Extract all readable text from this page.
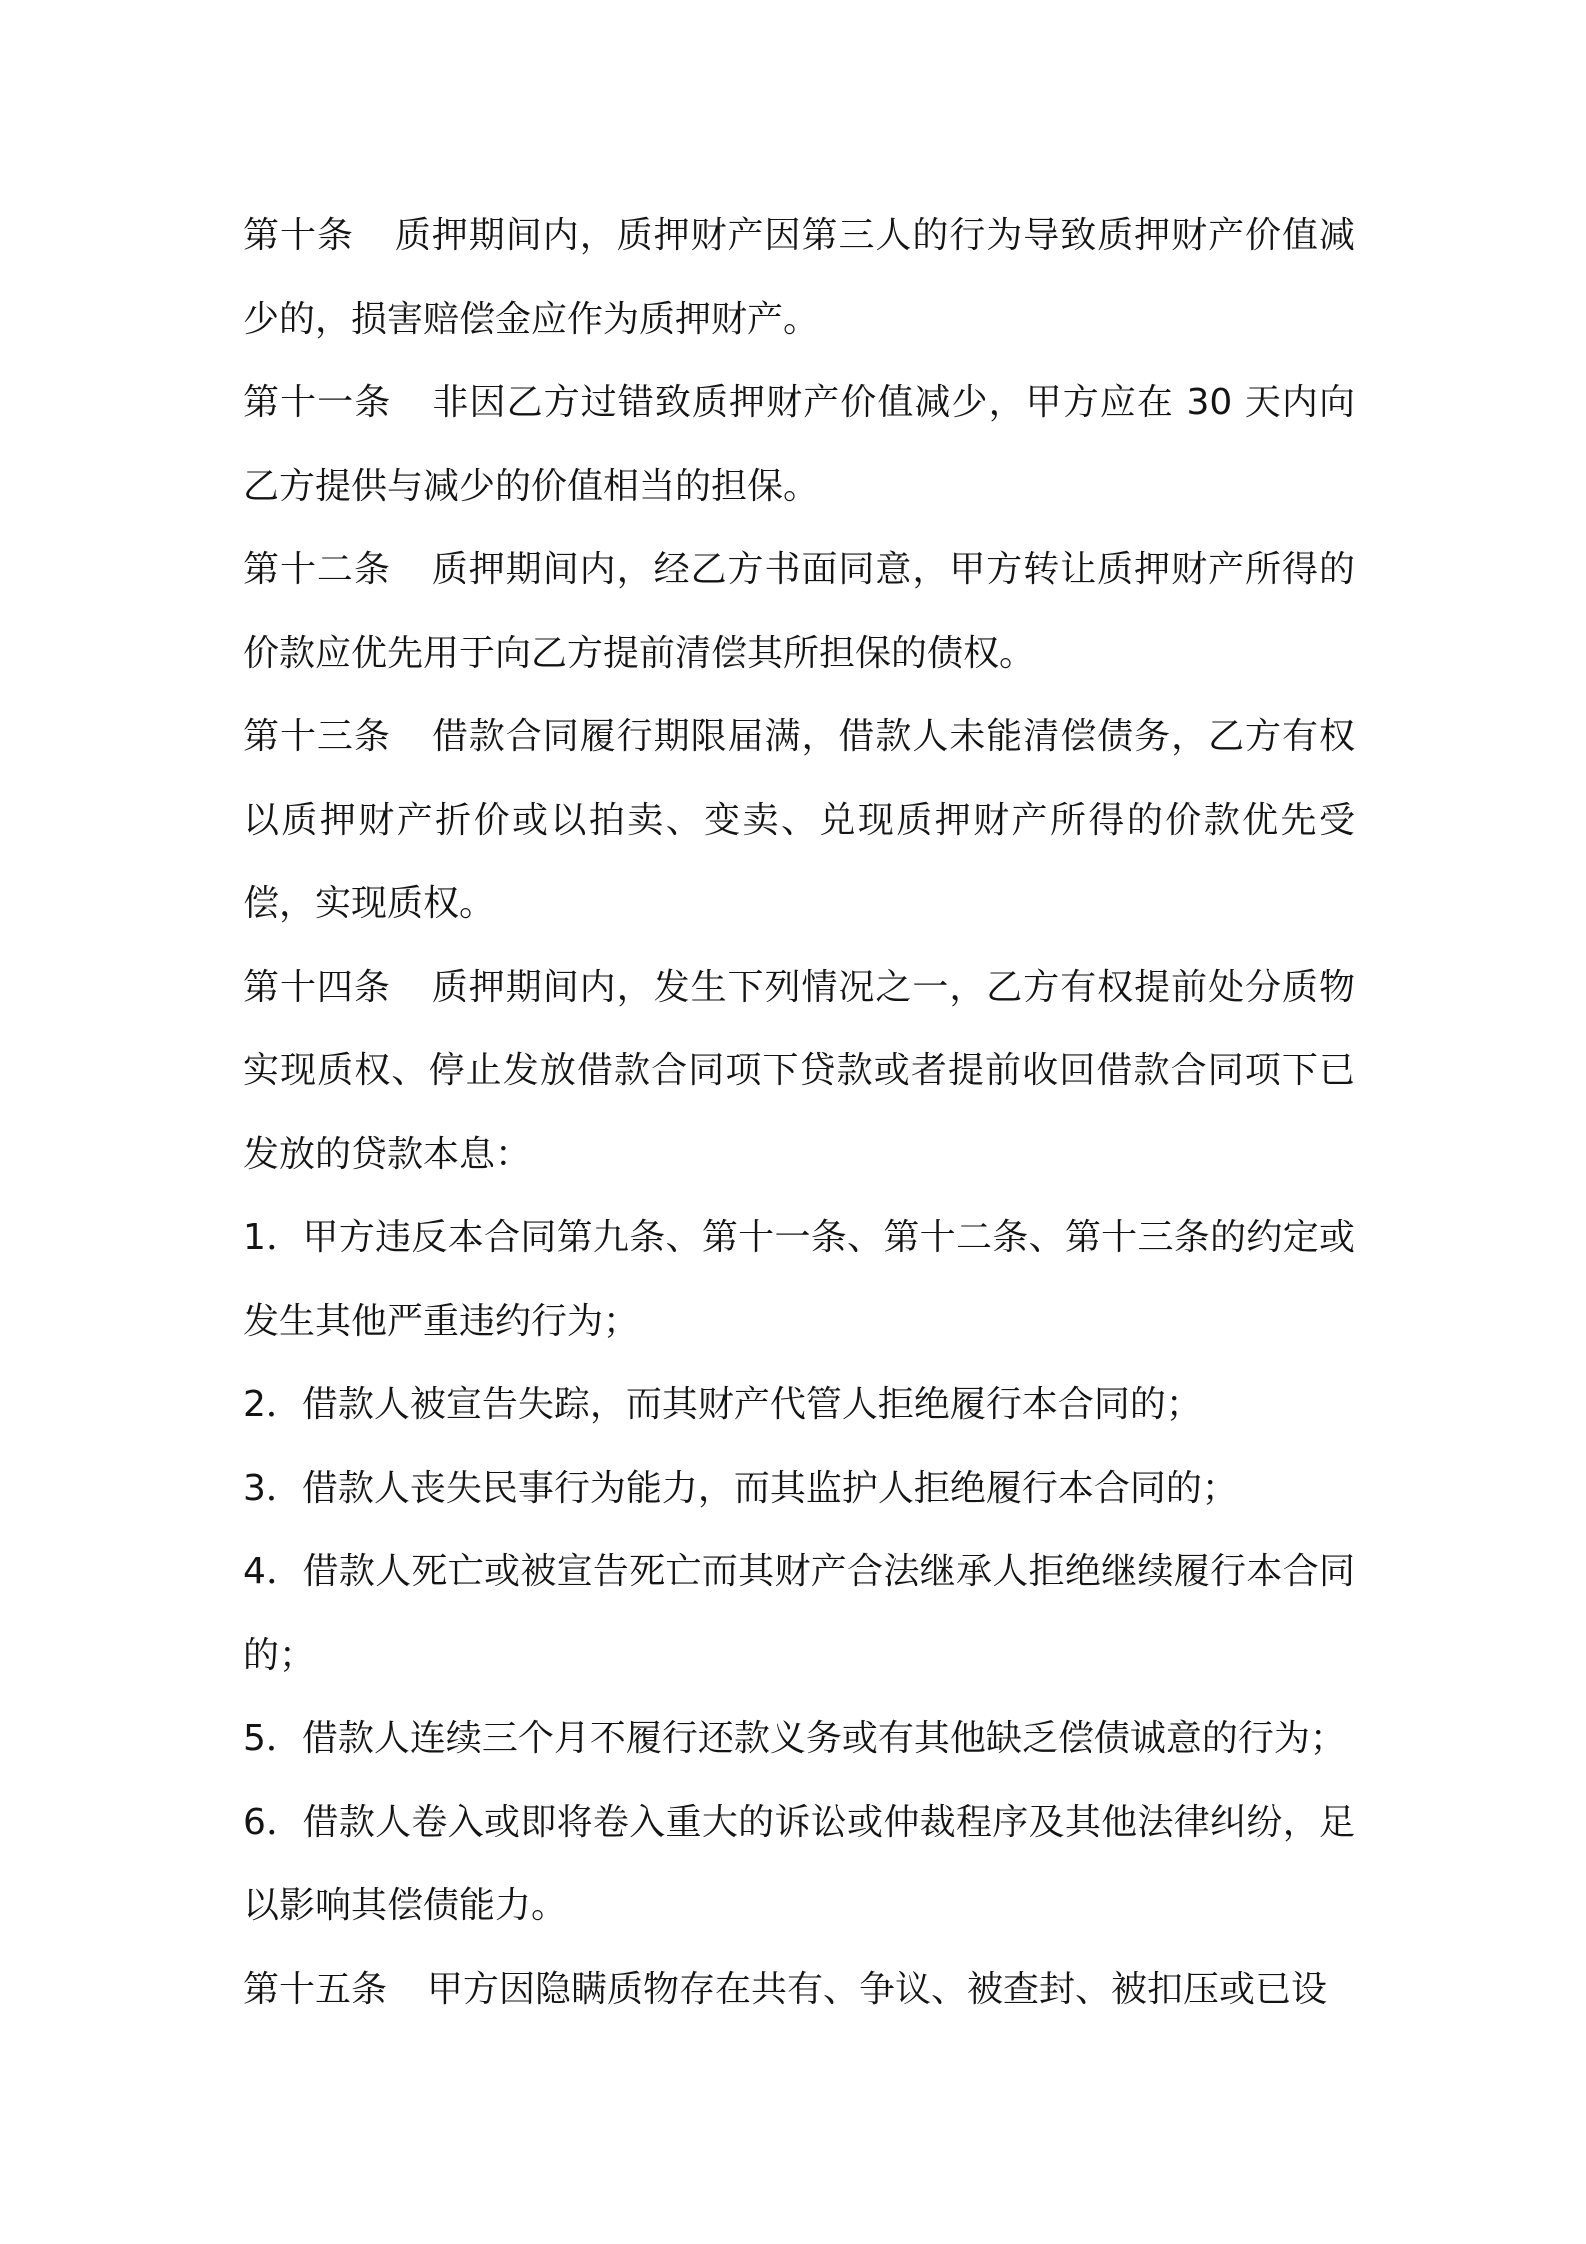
第十条 质押期间内，质押财产因第三人的行为导致质押财产价值减少的，损害赔偿金应作为质押财产。

第十一条 非因乙方过错致质押财产价值减少，甲方应在 30 天内向乙方提供与减少的价值相当的担保。

第十二条 质押期间内，经乙方书面同意，甲方转让质押财产所得的价款应优先用于向乙方提前清偿其所担保的债权。

第十三条 借款合同履行期限届满，借款人未能清偿债务，乙方有权以质押财产折价或以拍卖、变卖、兑现质押财产所得的价款优先受偿，实现质权。

第十四条 质押期间内，发生下列情况之一，乙方有权提前处分质物实现质权、停止发放借款合同项下贷款或者提前收回借款合同项下已发放的贷款本息：

1．甲方违反本合同第九条、第十一条、第十二条、第十三条的约定或发生其他严重违约行为；

2．借款人被宣告失踪，而其财产代管人拒绝履行本合同的；

3．借款人丧失民事行为能力，而其监护人拒绝履行本合同的；

4．借款人死亡或被宣告死亡而其财产合法继承人拒绝继续履行本合同的；

5．借款人连续三个月不履行还款义务或有其他缺乏偿债诚意的行为；

6．借款人卷入或即将卷入重大的诉讼或仲裁程序及其他法律纠纷，足以影响其偿债能力。

第十五条 甲方因隐瞒质物存在共有、争议、被查封、被扣压或已设
